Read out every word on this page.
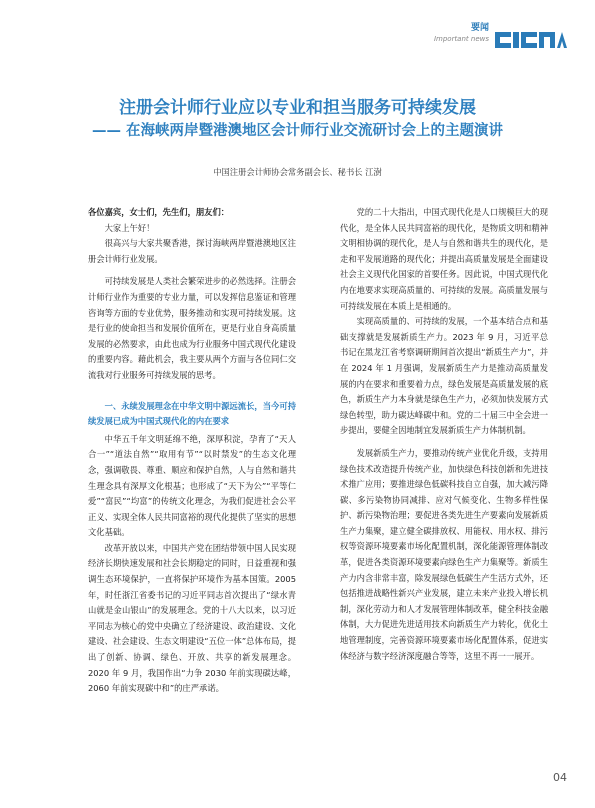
要闻
Important news
注册会计师行业应以专业和担当服务可持续发展
—— 在海峡两岸暨港澳地区会计师行业交流研讨会上的主题演讲
中国注册会计师协会常务副会长、秘书长 江澍

各位嘉宾，女士们，先生们，朋友们：

大家上午好！

很高兴与大家共聚香港，探讨海峡两岸暨港澳地区注册会计师行业发展。

可持续发展是人类社会繁荣进步的必然选择。注册会计师行业作为重要的专业力量，可以发挥信息鉴证和管理咨询等方面的专业优势，服务推动和实现可持续发展。这是行业的使命担当和发展价值所在，更是行业自身高质量发展的必然要求，由此也成为行业服务中国式现代化建设的重要内容。藉此机会，我主要从两个方面与各位同仁交流我对行业服务可持续发展的思考。

一、永续发展理念在中华文明中源远流长，当今可持续发展已成为中国式现代化的内在要求

中华五千年文明延绵不绝，深厚积淀，孕育了“天人合一”“道法自然”“取用有节”“以时禁发”的生态文化理念，强调敬畏、尊重、顺应和保护自然，人与自然和谐共生理念具有深厚文化根基；也形成了“天下为公”“平等仁爱”“富民”“均富”的传统文化理念，为我们促进社会公平正义、实现全体人民共同富裕的现代化提供了坚实的思想文化基础。

改革开放以来，中国共产党在团结带领中国人民实现经济长期快速发展和社会长期稳定的同时，日益重视和强调生态环境保护，一直将保护环境作为基本国策。2005年，时任浙江省委书记的习近平同志首次提出了“绿水青山就是金山银山”的发展理念。党的十八大以来，以习近平同志为核心的党中央确立了经济建设、政治建设、文化建设、社会建设、生态文明建设“五位一体”总体布局，提出了创新、协调、绿色、开放、共享的新发展理念。2020 年 9 月，我国作出“力争 2030 年前实现碳达峰，2060 年前实现碳中和”的庄严承诺。

党的二十大指出，中国式现代化是人口规模巨大的现代化，是全体人民共同富裕的现代化，是物质文明和精神文明相协调的现代化，是人与自然和谐共生的现代化，是走和平发展道路的现代化；并提出高质量发展是全面建设社会主义现代化国家的首要任务。因此说，中国式现代化内在地要求实现高质量的、可持续的发展。高质量发展与可持续发展在本质上是相通的。

实现高质量的、可持续的发展，一个基本结合点和基础支撑就是发展新质生产力。2023 年 9 月，习近平总书记在黑龙江省考察调研期间首次提出“新质生产力”，并在 2024 年 1 月强调，发展新质生产力是推动高质量发展的内在要求和重要着力点，绿色发展是高质量发展的底色，新质生产力本身就是绿色生产力，必须加快发展方式绿色转型，助力碳达峰碳中和。党的二十届三中全会进一步提出，要健全因地制宜发展新质生产力体制机制。

发展新质生产力，要推动传统产业优化升级，支持用绿色技术改造提升传统产业，加快绿色科技创新和先进技术推广应用；要推进绿色低碳科技自立自强，加大减污降碳、多污染物协同减排、应对气候变化、生物多样性保护、新污染物治理；要促进各类先进生产要素向发展新质生产力集聚，建立健全碳排放权、用能权、用水权、排污权等资源环境要素市场化配置机制，深化能源管理体制改革，促进各类资源环境要素向绿色生产力集聚等。新质生产力内含非常丰富，除发展绿色低碳生产生活方式外，还包括推进战略性新兴产业发展，建立未来产业投入增长机制，深化劳动力和人才发展管理体制改革，健全科技金融体制，大力促进先进适用技术向新质生产力转化，优化土地管理制度，完善资源环境要素市场化配置体系，促进实体经济与数字经济深度融合等等，这里不再一一展开。

04
